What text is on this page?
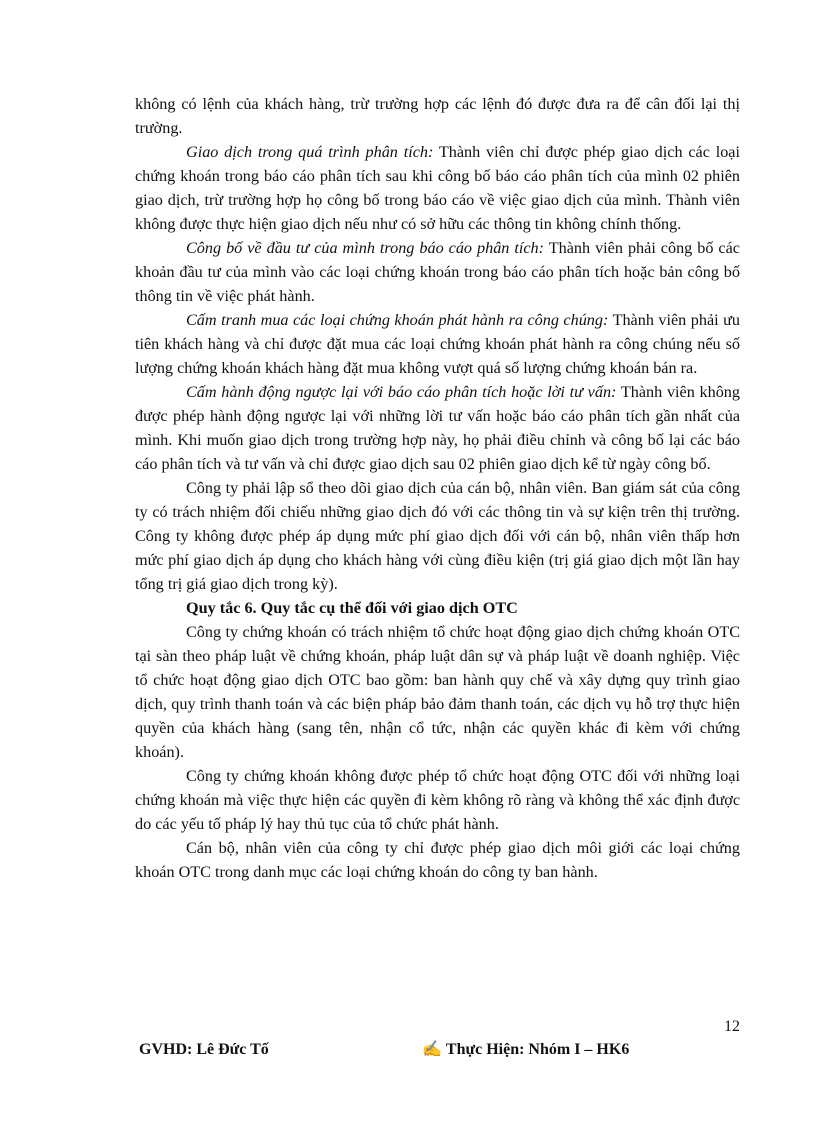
không có lệnh của khách hàng, trừ trường hợp các lệnh đó được đưa ra để cân đối lại thị trường.

Giao dịch trong quá trình phân tích: Thành viên chỉ được phép giao dịch các loại chứng khoán trong báo cáo phân tích sau khi công bố báo cáo phân tích của mình 02 phiên giao dịch, trừ trường hợp họ công bố trong báo cáo về việc giao dịch của mình. Thành viên không được thực hiện giao dịch nếu như có sở hữu các thông tin không chính thống.

Công bố về đầu tư của mình trong báo cáo phân tích: Thành viên phải công bố các khoản đầu tư của mình vào các loại chứng khoán trong báo cáo phân tích hoặc bản công bố thông tin về việc phát hành.

Cấm tranh mua các loại chứng khoán phát hành ra công chúng: Thành viên phải ưu tiên khách hàng và chỉ được đặt mua các loại chứng khoán phát hành ra công chúng nếu số lượng chứng khoán khách hàng đặt mua không vượt quá số lượng chứng khoán bán ra.

Cấm hành động ngược lại với báo cáo phân tích hoặc lời tư vấn: Thành viên không được phép hành động ngược lại với những lời tư vấn hoặc báo cáo phân tích gần nhất của mình. Khi muốn giao dịch trong trường hợp này, họ phải điều chỉnh và công bố lại các báo cáo phân tích và tư vấn và chỉ được giao dịch sau 02 phiên giao dịch kể từ ngày công bố.

Công ty phải lập sổ theo dõi giao dịch của cán bộ, nhân viên. Ban giám sát của công ty có trách nhiệm đối chiếu những giao dịch đó với các thông tin và sự kiện trên thị trường. Công ty không được phép áp dụng mức phí giao dịch đối với cán bộ, nhân viên thấp hơn mức phí giao dịch áp dụng cho khách hàng với cùng điều kiện (trị giá giao dịch một lần hay tổng trị giá giao dịch trong kỳ).

Quy tắc 6. Quy tắc cụ thể đối với giao dịch OTC

Công ty chứng khoán có trách nhiệm tổ chức hoạt động giao dịch chứng khoán OTC tại sàn theo pháp luật về chứng khoán, pháp luật dân sự và pháp luật về doanh nghiệp. Việc tổ chức hoạt động giao dịch OTC bao gồm: ban hành quy chế và xây dựng quy trình giao dịch, quy trình thanh toán và các biện pháp bảo đảm thanh toán, các dịch vụ hỗ trợ thực hiện quyền của khách hàng (sang tên, nhận cổ tức, nhận các quyền khác đi kèm với chứng khoán).

Công ty chứng khoán không được phép tổ chức hoạt động OTC đối với những loại chứng khoán mà việc thực hiện các quyền đi kèm không rõ ràng và không thể xác định được do các yếu tố pháp lý hay thủ tục của tổ chức phát hành.

Cán bộ, nhân viên của công ty chỉ được phép giao dịch môi giới các loại chứng khoán OTC trong danh mục các loại chứng khoán do công ty ban hành.

12
GVHD: Lê Đức Tố	✍ Thực Hiện: Nhóm I – HK6
